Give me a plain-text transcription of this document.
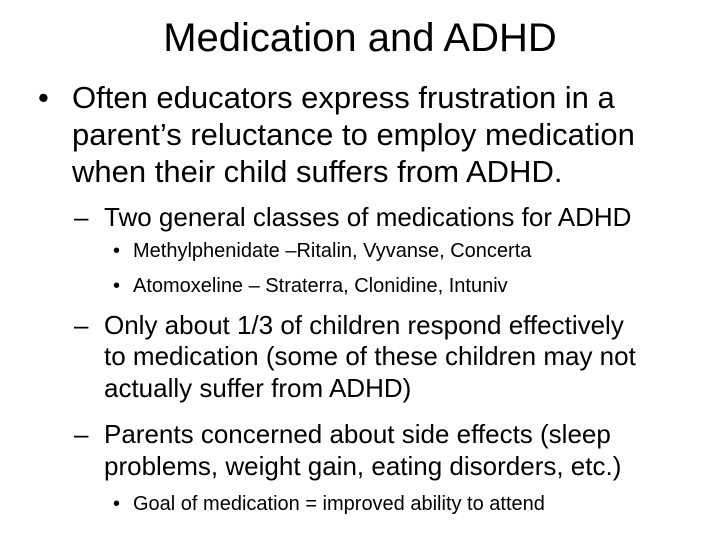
Medication and ADHD
• Often educators express frustration in a
parent’s reluctance to employ medication
when their child suffers from ADHD.
– Two general classes of medications for ADHD
• Methylphenidate –Ritalin, Vyvanse, Concerta
• Atomoxeline – Straterra, Clonidine, Intuniv
– Only about 1/3 of children respond effectively
to medication (some of these children may not
actually suffer from ADHD)
– Parents concerned about side effects (sleep
problems, weight gain, eating disorders, etc.)
• Goal of medication = improved ability to attend
